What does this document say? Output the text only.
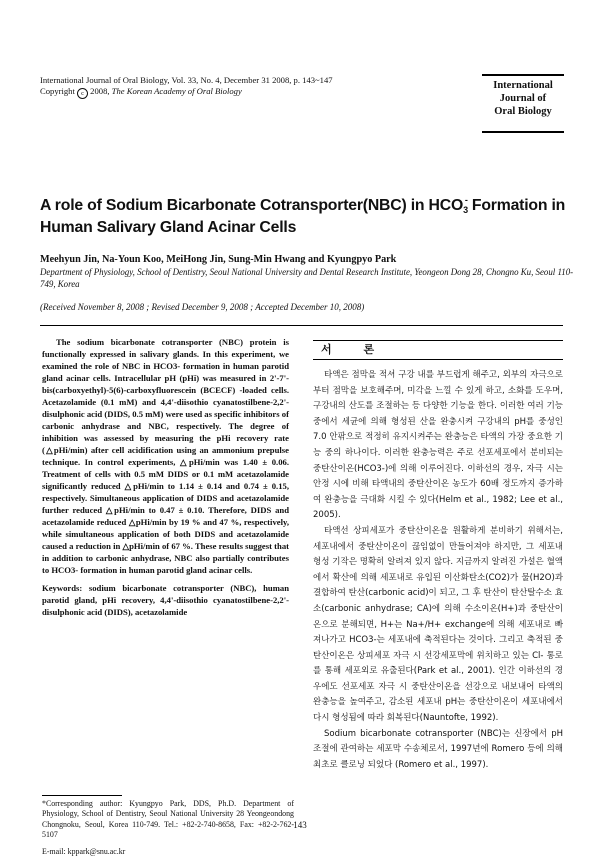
International Journal of Oral Biology, Vol. 33, No. 4, December 31 2008, p. 143~147
Copyright c 2008, The Korean Academy of Oral Biology	International
Journal of
Oral Biology
A role of Sodium Bicarbonate Cotransporter(NBC) in HCO3- Formation in Human Salivary Gland Acinar Cells
Meehyun Jin, Na-Youn Koo, MeiHong Jin, Sung-Min Hwang and Kyungpyo Park
Department of Physiology, School of Dentistry, Seoul National University and Dental Research Institute, Yeongeon Dong 28, Chongno Ku, Seoul 110-749, Korea
(Received November 8, 2008 ; Revised December 9, 2008 ; Accepted December 10, 2008)

The sodium bicarbonate cotransporter (NBC) protein is functionally expressed in salivary glands. In this experiment, we examined the role of NBC in HCO3- formation in human parotid gland acinar cells. Intracellular pH (pHi) was measured in 2'-7'-bis(carboxyethyl)-5(6)-carboxyfluorescein (BCECF) -loaded cells. Acetazolamide (0.1 mM) and 4,4'-diisothio cyanatostilbene-2,2'-disulphonic acid (DIDS, 0.5 mM) were used as specific inhibitors of carbonic anhydrase and NBC, respectively. The degree of inhibition was assessed by measuring the pHi recovery rate (△pHi/min) after cell acidification using an ammonium prepulse technique. In control experiments, △pHi/min was 1.40 ± 0.06. Treatment of cells with 0.5 mM DIDS or 0.1 mM acetazolamide significantly reduced △pHi/min to 1.14 ± 0.14 and 0.74 ± 0.15, respectively. Simultaneous application of DIDS and acetazolamide further reduced △pHi/min to 0.47 ± 0.10. Therefore, DIDS and acetazolamide reduced △pHi/min by 19 % and 47 %, respectively, while simultaneous application of both DIDS and acetazolamide caused a reduction in △pHi/min of 67 %. These results suggest that in addition to carbonic anhydrase, NBC also partially contributes to HCO3- formation in human parotid gland acinar cells.

Keywords: sodium bicarbonate cotransporter (NBC), human parotid gland, pHi recovery, 4,4'-diisothio cyanatostilbene-2,2'-disulphonic acid (DIDS), acetazolamide

*Corresponding author: Kyungpyo Park, DDS, Ph.D. Department of Physiology, School of Dentistry, Seoul National University 28 Yeongeondong Chongnoku, Seoul, Korea 110-749. Tel.: +82-2-740-8658, Fax: +82-2-762-5107

E-mail: kppark@snu.ac.kr

서 론

타액은 점막을 적셔 구강 내를 부드럽게 해주고, 외부의 자극으로부터 점막을 보호해주며, 미각을 느낄 수 있게 하고, 소화를 도우며, 구강내의 산도를 조절하는 등 다양한 기능을 한다. 이러한 여러 기능 중에서 세균에 의해 형성된 산을 완충시켜 구강내의 pH를 중성인 7.0 안팎으로 적정히 유지시켜주는 완충능은 타액의 가장 중요한 기능 중의 하나이다. 이러한 완충능력은 주로 선포세포에서 분비되는 중탄산이온(HCO3-)에 의해 이루어진다. 이하선의 경우, 자극 시는 안정 시에 비해 타액내의 중탄산이온 농도가 60배 정도까지 증가하여 완충능을 극대화 시킬 수 있다(Helm et al., 1982; Lee et al., 2005).

타액선 상피세포가 중탄산이온을 원활하게 분비하기 위해서는, 세포내에서 중탄산이온이 끊임없이 만들어져야 하지만, 그 세포내 형성 기작은 명확히 알려져 있지 않다. 지금까지 알려진 가설은 혈액에서 확산에 의해 세포내로 유입된 이산화탄소(CO2)가 물(H2O)과 결합하여 탄산(carbonic acid)이 되고, 그 후 탄산이 탄산탈수소 효소(carbonic anhydrase; CA)에 의해 수소이온(H+)과 중탄산이온으로 분해되면, H+는 Na+/H+ exchange에 의해 세포내로 빠져나가고 HCO3-는 세포내에 축적된다는 것이다. 그리고 축적된 중탄산이온은 상피세포 자극 시 선강세포막에 위치하고 있는 Cl- 통로를 통해 세포외로 유출된다(Park et al., 2001). 인간 이하선의 경우에도 선포세포 자극 시 중탄산이온을 선강으로 내보내어 타액의 완충능을 높여주고, 감소된 세포내 pH는 중탄산이온이 세포내에서 다시 형성됨에 따라 회복된다(Nauntofte, 1992).

Sodium bicarbonate cotransporter (NBC)는 신장에서 pH 조절에 관여하는 세포막 수송체로서, 1997년에 Romero 등에 의해 최초로 클로닝 되었다 (Romero et al., 1997).

143
